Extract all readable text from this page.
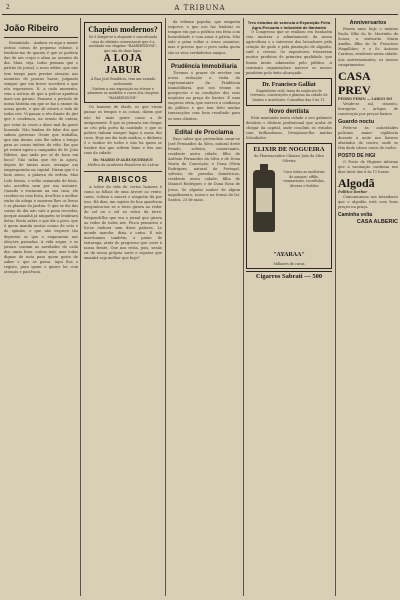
2	A TRIBUNA
João Ribeiro

Resumindo... Andava eu aqui a mexer nestas coisas de pequeno volume, a lembrar-me de quanto é que se poderia dar de um corpo e alma ao assunto do dia. Mais, veja, todos pensam que o patrão do jornal, o novo editor, que não tem tempo para prestar atenção aos assuntos de poucas horas, julgando sempre que em breve sucederá o que nós esperamos. E, a cada momento, vem a notícia de que a polícia apanhou mais um gatuno. Pensava o período de nossa história em que se faz o exame da nossa gente, e que ali estava a vida de todos nós. Vi passar o réu diante do júri que o condenou, na sessão de ontem, por estar às vezes a dizer mal da gente honrada. Não lembra de falar dos que sabem governar. Gente que trabalha, que não dorme, não lhe sobra o tempo para as coisas inúteis da vida. Em que pé estará agora a campanha do Sr. João Ribeiro, que anda por aí de boca em boca? Não sabia que ele ia agora, depois de tantos anos, arranjar um empregozinho na capital. Dizem que é o bom senso, a palavra de ordem. Mas Lulu Senna, o velho camarada de lutas, não acredita nem por um instante. Quando o visitaram na sua casa, ele recebeu-os com festa, deu-lhes o melhor vinho da adega e mostrou-lhes os livros e as plantas do jardim. O que se diz das coisas do dia não vale a pena recordar, porque amanhã já ninguém se lembrará delas. Resta saber o que diz o povo, que é quem manda nestas coisas de voto e de opinião, e que não esquece tão depressa os que o enganaram nas eleições passadas. A vida segue, e os jornais contam as novidades de cada dia, umas boas, outras más, mas todas dignas de nota para quem gosta de saber o que se passa. Aqui fica o registo, para quem o quiser ler com atenção e paciência.

Chapéus modernos?
Só é dirigir-se à elegante e conceituada casa do distinto comerciante que é a novidade em chapéus "RAMBENZONI", que são de duas ligas.
A LOJA JABUR
Á Rua José Bonifácio, tem um variado sortimento
Visitem a sua exposição na vitrine e admirem os modelos e cores dos chapéus "RAMBENZONI".

Os homens de idade, os que viram passar os tempos e as coisas, dizem que não há mais gente como a de antigamente. É que se pensava em chegar ao céu pela porta da caridade, e que os pobres tinham sempre lugar à mesa dos ricos. Hoje em dia tudo mudou, o dinheiro é o senhor de todos e não há quem se lembre dos que sofrem fome e frio nas ruas da cidade.

Dr. MARIO D'ALBUQUERQUE
Médico da Academia Brasileira de Letras
RABISCOS

A tolice da vida de certos homens é como as folhas de uma árvore ao vento: caem, voltam a nascer e ninguém dá por isso. Há dias, um sujeito de boa aparência perguntou-me se a terra girava ao redor do sol ou o sol ao redor da terra. Respondi-lhe que era o jornal que girava ao redor de todos nós. Ficou pensativo e foi-se embora sem dizer palavra. Le monde marche, dizia o outro. E nós marchamos também, a passo de tartaruga, atrás do progresso que corre à nossa frente. Que nos resta, pois, senão rir da nossa própria sorte e esperar que amanhã seja melhor que hoje?

da tribuna popular, que ninguém esquece, e que nos faz lembrar os tempos em que a política era feita com honestidade e com amor à pátria. Não vale a pena voltar a esses assuntos, mas é preciso que o povo saiba quem são os seus verdadeiros amigos.

Prudência Immobiliaria

Tivemos o prazer de receber em nossa redacção a visita do representante da Prudência Immobiliaria, que nos trouxe os prospectos e as condições dos seus negócios na praça de Santos. É uma empresa séria, que merece a confiança do público e que tem feito muitas transacções com bom resultado para os seus clientes.

Edital de Proclama

Faço saber que pretendem casar-se José Fernandes da Silva, natural deste Estado, solteiro, comerciante, residente nesta cidade, filho de Antônio Fernandes da Silva e de Dona Maria da Conceição; e Dona Olívia Rodrigues, natural de Portugal, solteira, de prendas domésticas, residente nesta cidade, filha de Manuel Rodrigues e de Dona Rosa de Jesus. Se alguém souber de algum impedimento, acuse-o na forma da lei. Santos, 23 de maio.

Tres estudos de sciencia à Exposição Feira Agro-Pecuaria e Industrial de Itanhaém

O Congresso que se realizou em Itanhaém veio mostrar o adiantamento da nossa agricultura e o interesse dos lavradores pela criação de gado e pela plantação de algodão, café e cereais. Os expositores trouxeram muitos produtos de primeira qualidade, que foram muito admirados pelo público. A comissão organizadora merece os nossos parabéns pelo êxito alcançado.

Dr. Francisco Galliat
Engenheiro civil, trata de negócios de terrenos, construções e plantas na cidade de Santos e arredores. Consultas das 9 às 11.
Novo dentista

Está montando nesta cidade o seu gabinete dentário o distinto profissional que acaba de chegar da capital, onde concluiu os estudos com brilhantismo. Desejamos-lhe muitas felicidades.

ELIXIR DE NOGUEIRA
do Pharmaceutico Chimico João da Silva Silveira
Cura todas as moléstias do sangue, sífilis, reumatismo, escrófulas, úlceras e feridas
"AYARAA"
Milhares de curas
Cigarros Sabrati — 500
Anniversarios

Fazem anos hoje o menino Paulo, filho do Sr. Martinho de Souza; a senhorita Maria Amélia, filha do Sr. Francisco Magalhães; e o Sr. Antonio Cardoso, residente nesta cidade. Aos aniversariantes, os nossos cumprimentos.

CASA PREV
PEDRO PERIN — LARGO DO

Vende-se sal, cimento, ferragens e artigos de construção por preços baixos.

Guardo noctu

Pede-se às autoridades policiais maior vigilância durante a noite nos bairros afastados do centro, onde se têm dado vários casos de roubo.

POSTO DE HIGI

O Posto de Higiene informa que a vacinação continua nos dias úteis das 8 às 11 horas.

Algodã
Politico Borbor

Comunicamos aos lavradores que o algodão está com bons preços na praça.

Caminha volta
CASA ALBERIC
